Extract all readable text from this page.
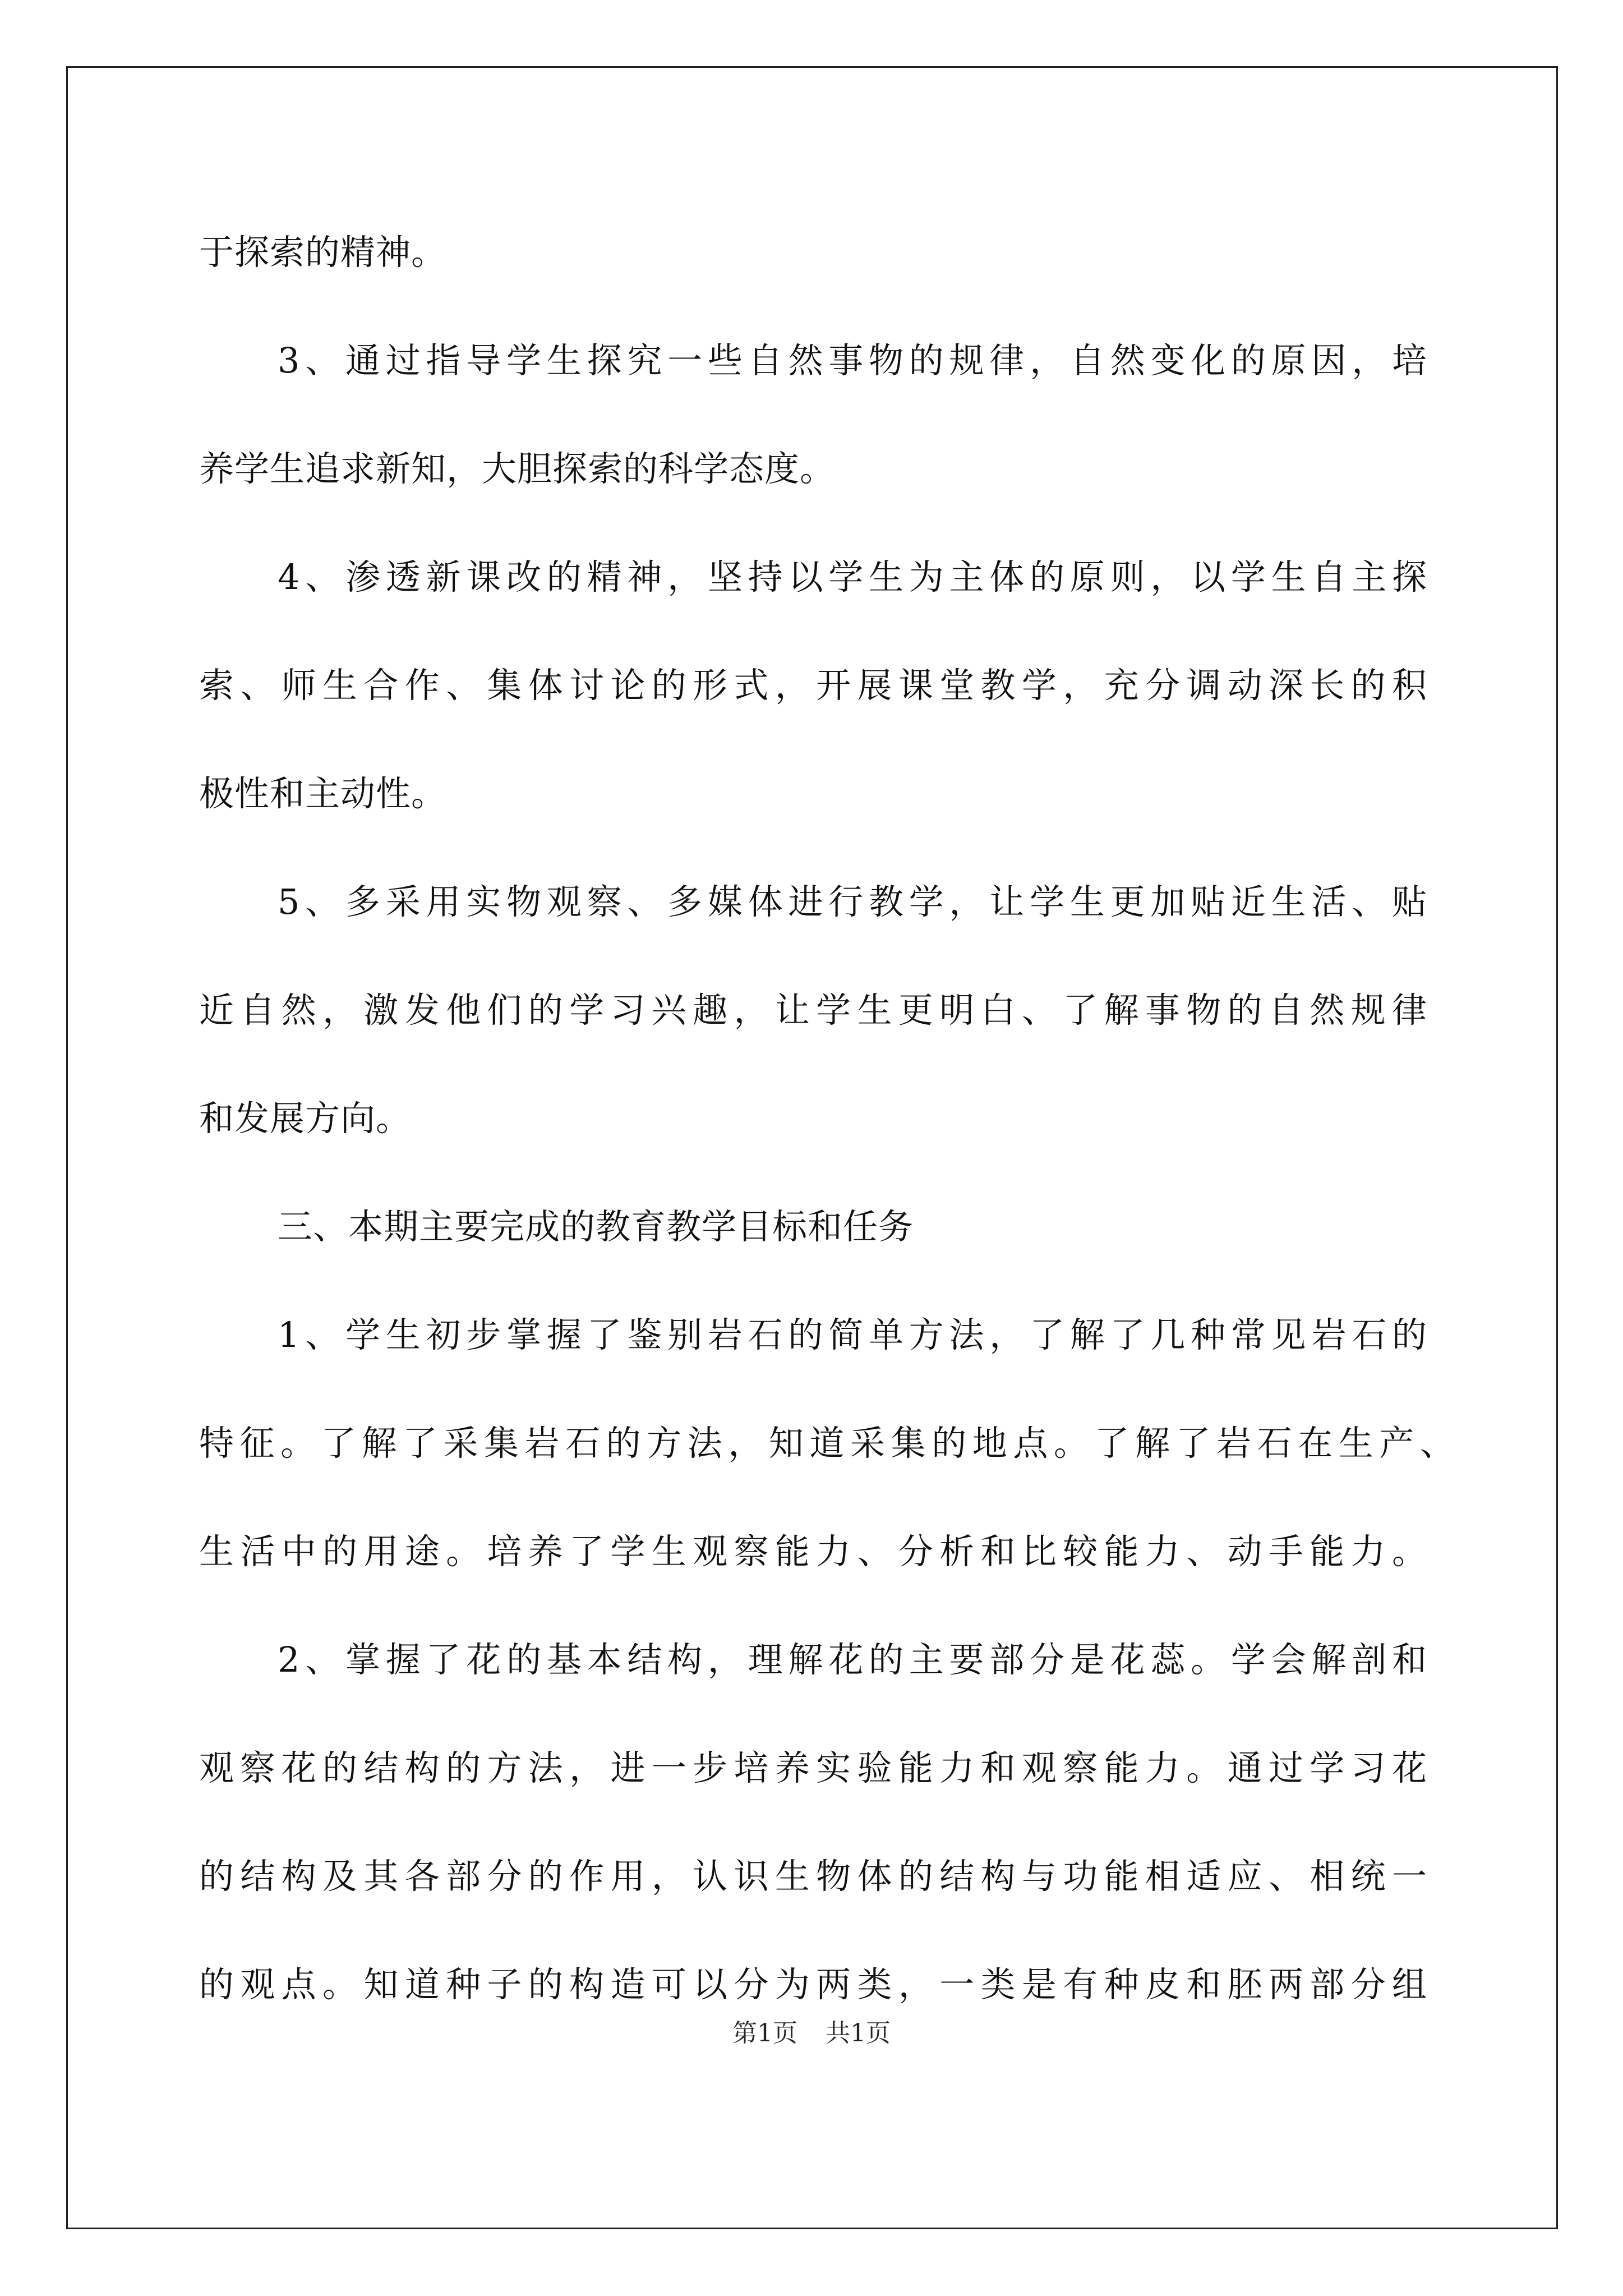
于探索的精神。
3、通过指导学生探究一些自然事物的规律，自然变化的原因，培
养学生追求新知，大胆探索的科学态度。
4、渗透新课改的精神，坚持以学生为主体的原则，以学生自主探
索、师生合作、集体讨论的形式，开展课堂教学，充分调动深长的积
极性和主动性。
5、多采用实物观察、多媒体进行教学，让学生更加贴近生活、贴
近自然，激发他们的学习兴趣，让学生更明白、了解事物的自然规律
和发展方向。
三、本期主要完成的教育教学目标和任务
1、学生初步掌握了鉴别岩石的简单方法，了解了几种常见岩石的
特征。了解了采集岩石的方法，知道采集的地点。了解了岩石在生产、
生活中的用途。培养了学生观察能力、分析和比较能力、动手能力。
2、掌握了花的基本结构，理解花的主要部分是花蕊。学会解剖和
观察花的结构的方法，进一步培养实验能力和观察能力。通过学习花
的结构及其各部分的作用，认识生物体的结构与功能相适应、相统一
的观点。知道种子的构造可以分为两类，一类是有种皮和胚两部分组
第1页 共1页
